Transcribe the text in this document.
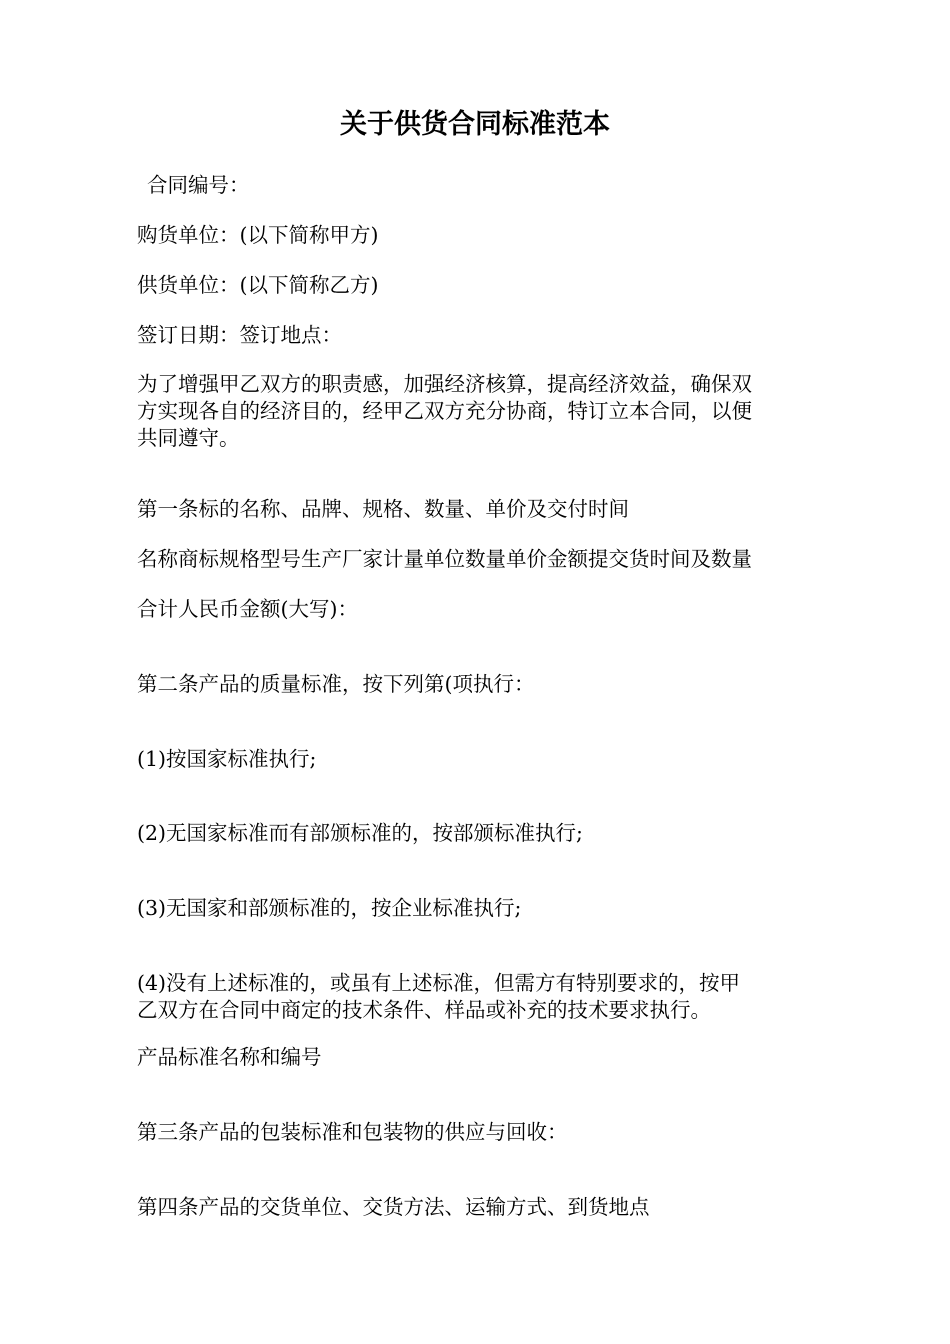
关于供货合同标准范本
合同编号：
购货单位：(以下简称甲方)
供货单位：(以下简称乙方)
签订日期：签订地点：
为了增强甲乙双方的职责感，加强经济核算，提高经济效益，确保双
方实现各自的经济目的，经甲乙双方充分协商，特订立本合同，以便
共同遵守。
第一条标的名称、品牌、规格、数量、单价及交付时间
名称商标规格型号生产厂家计量单位数量单价金额提交货时间及数量
合计人民币金额(大写)：
第二条产品的质量标准，按下列第(项执行：
(1)按国家标准执行;
(2)无国家标准而有部颁标准的，按部颁标准执行;
(3)无国家和部颁标准的，按企业标准执行;
(4)没有上述标准的，或虽有上述标准，但需方有特别要求的，按甲
乙双方在合同中商定的技术条件、样品或补充的技术要求执行。
产品标准名称和编号
第三条产品的包装标准和包装物的供应与回收：
第四条产品的交货单位、交货方法、运输方式、到货地点
